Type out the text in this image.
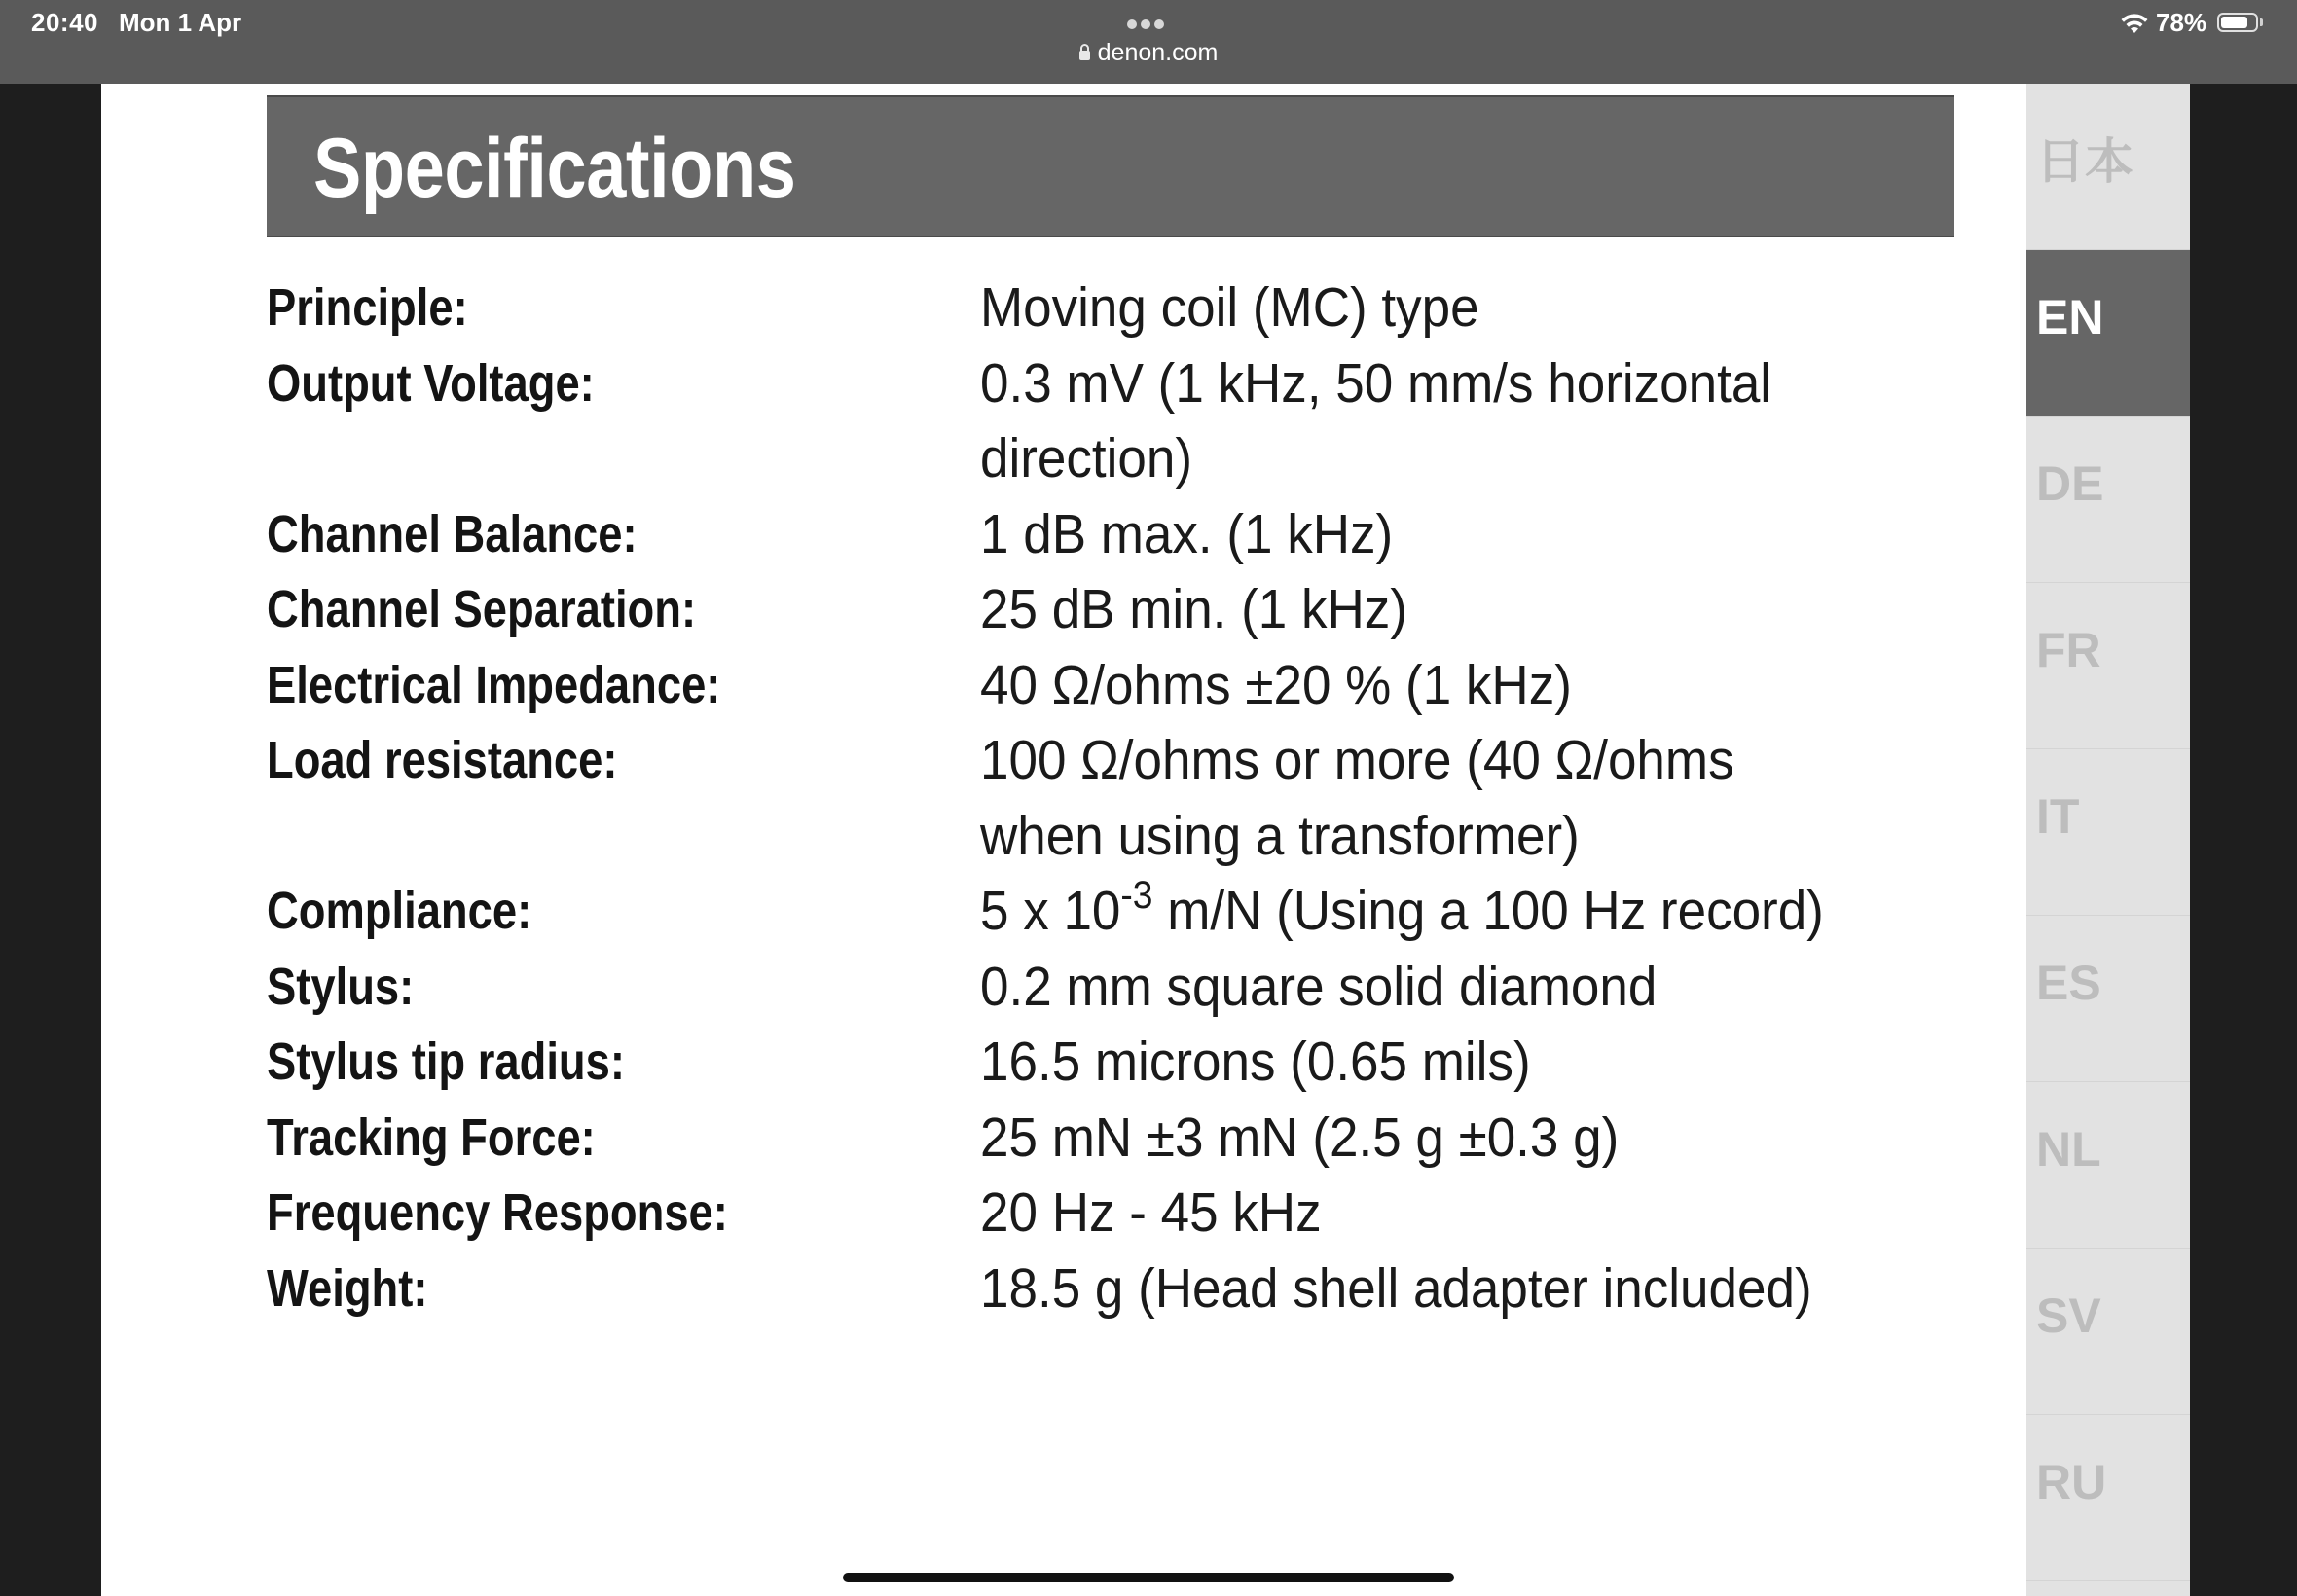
20:40 Mon 1 Apr
denon.com
78%
Specifications
Principle:	Moving coil (MC) type
Output Voltage:	0.3 mV (1 kHz, 50 mm/s horizontal
direction)
Channel Balance:	1 dB max. (1 kHz)
Channel Separation:	25 dB min. (1 kHz)
Electrical Impedance:	40 Ω/ohms ±20 % (1 kHz)
Load resistance:	100 Ω/ohms or more (40 Ω/ohms
when using a transformer)
Compliance:	5 x $10^{-3}$ m/N (Using a 100 Hz record)
Stylus:	0.2 mm square solid diamond
Stylus tip radius:	16.5 microns (0.65 mils)
Tracking Force:	25 mN ±3 mN (2.5 g ±0.3 g)
Frequency Response:	20 Hz - 45 kHz
Weight:	18.5 g (Head shell adapter included)
日本
EN
DE
FR
IT
ES
NL
SV
RU
